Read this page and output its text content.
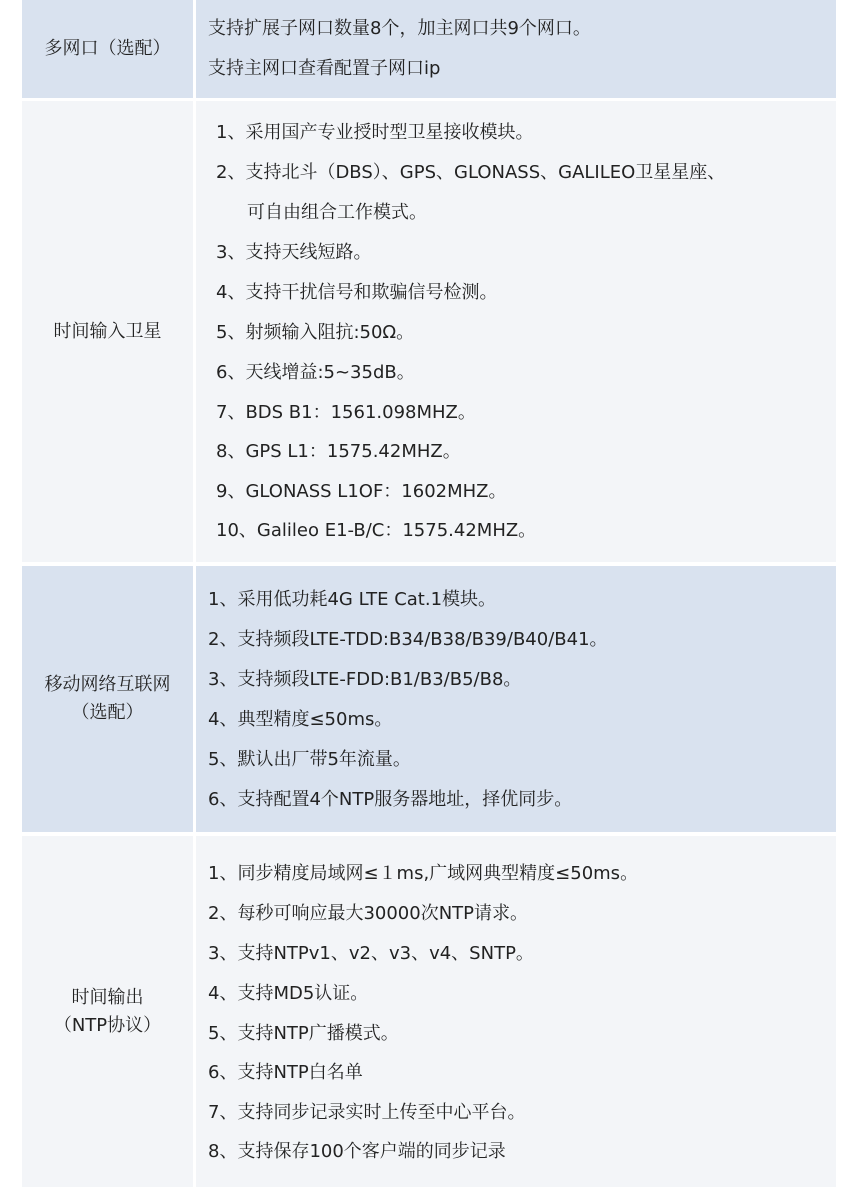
多网口（选配）
支持扩展子网口数量8个，加主网口共9个网口。
支持主网口查看配置子网口ip
时间输入卫星
1、采用国产专业授时型卫星接收模块。
2、支持北斗（DBS）、GPS、GLONASS、GALILEO卫星星座、
可自由组合工作模式。
3、支持天线短路。
4、支持干扰信号和欺骗信号检测。
5、射频输入阻抗:50Ω。
6、天线增益:5~35dB。
7、BDS B1：1561.098MHZ。
8、GPS L1：1575.42MHZ。
9、GLONASS L1OF：1602MHZ。
10、Galileo E1-B/C：1575.42MHZ。
移动网络互联网
（选配）
1、采用低功耗4G LTE Cat.1模块。
2、支持频段LTE-TDD:B34/B38/B39/B40/B41。
3、支持频段LTE-FDD:B1/B3/B5/B8。
4、典型精度≤50ms。
5、默认出厂带5年流量。
6、支持配置4个NTP服务器地址，择优同步。
时间输出
（NTP协议）
1、同步精度局域网≤１ms,广域网典型精度≤50ms。
2、每秒可响应最大30000次NTP请求。
3、支持NTPv1、v2、v3、v4、SNTP。
4、支持MD5认证。
5、支持NTP广播模式。
6、支持NTP白名单
7、支持同步记录实时上传至中心平台。
8、支持保存100个客户端的同步记录
